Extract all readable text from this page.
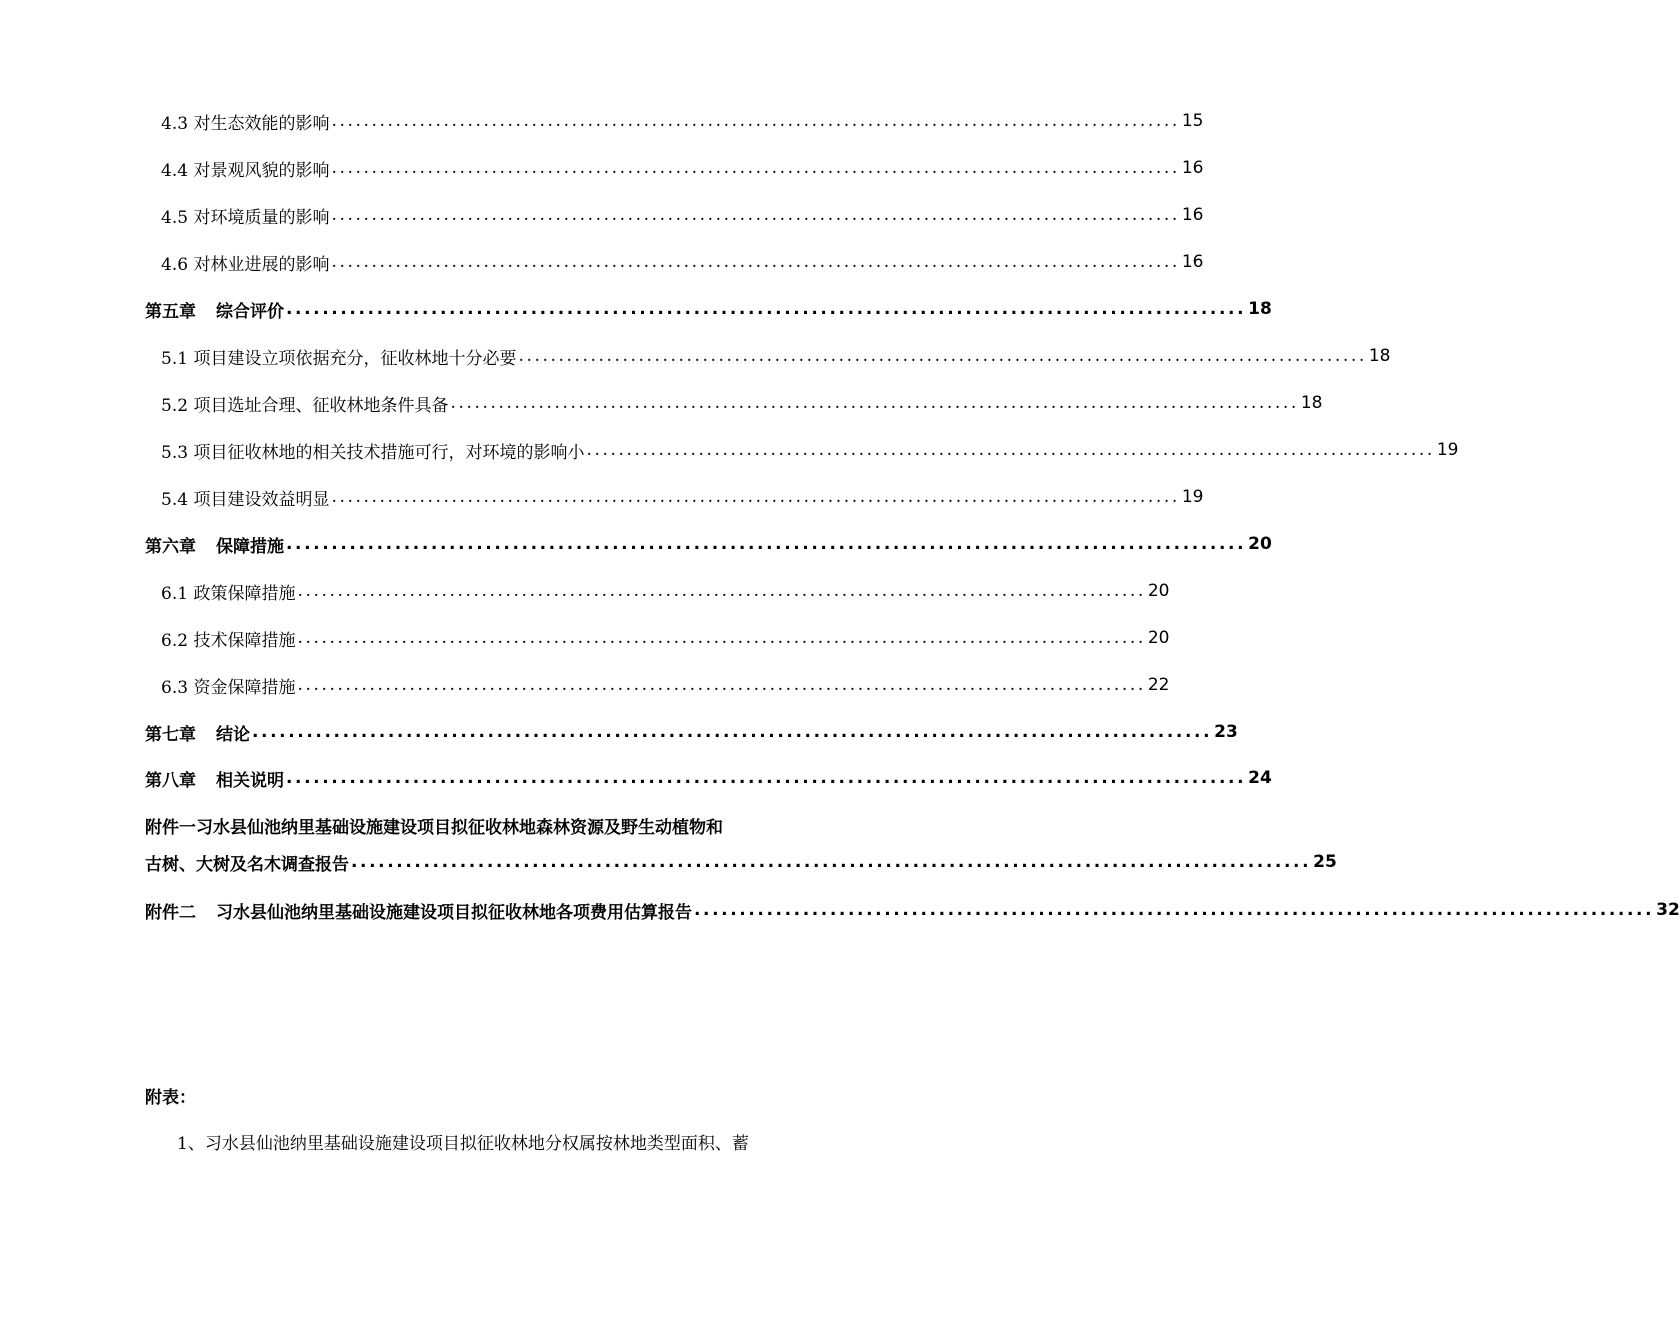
4.3 对生态效能的影响 .......................................................................................................... 15
4.4 对景观风貌的影响 .......................................................................................................... 16
4.5 对环境质量的影响 .......................................................................................................... 16
4.6 对林业进展的影响 .......................................................................................................... 16
第五章 综合评价 .......................................................................................................... 18
5.1 项目建设立项依据充分，征收林地十分必要 .......................................................................................................... 18
5.2 项目选址合理、征收林地条件具备 .......................................................................................................... 18
5.3 项目征收林地的相关技术措施可行，对环境的影响小 .......................................................................................................... 19
5.4 项目建设效益明显 .......................................................................................................... 19
第六章 保障措施 .......................................................................................................... 20
6.1 政策保障措施 .......................................................................................................... 20
6.2 技术保障措施 .......................................................................................................... 20
6.3 资金保障措施 .......................................................................................................... 22
第七章 结论 .......................................................................................................... 23
第八章 相关说明 .......................................................................................................... 24
附件一 习水县仙池纳里基础设施建设项目拟征收林地森林资源及野生动植物和
古树、大树及名木调查报告 .......................................................................................................... 25
附件二 习水县仙池纳里基础设施建设项目拟征收林地各项费用估算报告 .......................................................................................................... 32
附表：
1、习水县仙池纳里基础设施建设项目拟征收林地分权属按林地类型面积、蓄
